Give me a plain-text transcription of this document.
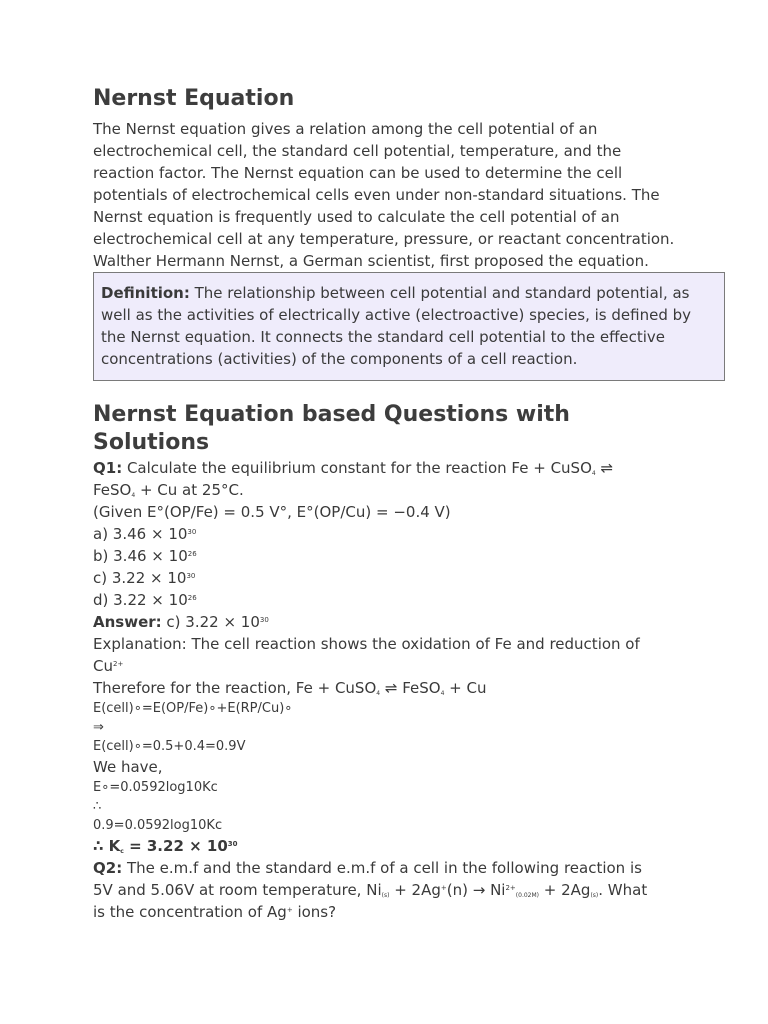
Nernst Equation

The Nernst equation gives a relation among the cell potential of an electrochemical cell, the standard cell potential, temperature, and the reaction factor. The Nernst equation can be used to determine the cell potentials of electrochemical cells even under non-standard situations. The Nernst equation is frequently used to calculate the cell potential of an electrochemical cell at any temperature, pressure, or reactant concentration. Walther Hermann Nernst, a German scientist, first proposed the equation.

Definition: The relationship between cell potential and standard potential, as well as the activities of electrically active (electroactive) species, is defined by the Nernst equation. It connects the standard cell potential to the effective concentrations (activities) of the components of a cell reaction.
Nernst Equation based Questions with Solutions

Q1: Calculate the equilibrium constant for the reaction Fe + CuSO$_4$ ⇌
FeSO$_4$ + Cu at 25°C.

(Given E°(OP/Fe) = 0.5 V°, E°(OP/Cu) = −0.4 V)

a) $3.46 \times 10^{30}$

b) $3.46 \times 10^{26}$

c) $3.22 \times 10^{30}$

d) $3.22 \times 10^{26}$

Answer: c) $3.22 \times 10^{30}$

Explanation: The cell reaction shows the oxidation of Fe and reduction of
$Cu^{2+}$

Therefore for the reaction, Fe + CuSO$_4$ ⇌ FeSO$_4$ + Cu

E(cell)∘=E(OP/Fe)∘+E(RP/Cu)∘

⇒

E(cell)∘=0.5+0.4=0.9V

We have,

E∘=0.0592log10Kc

∴

0.9=0.0592log10Kc

∴ $K_c = 3.22 \times 10^{30}$

Q2: The e.m.f and the standard e.m.f of a cell in the following reaction is
5V and 5.06V at room temperature, $Ni_{(s)} + 2Ag^+(n) \to Ni^{2+}_{(0.02M)} + 2Ag_{(s)}$. What
is the concentration of Ag+ ions?
